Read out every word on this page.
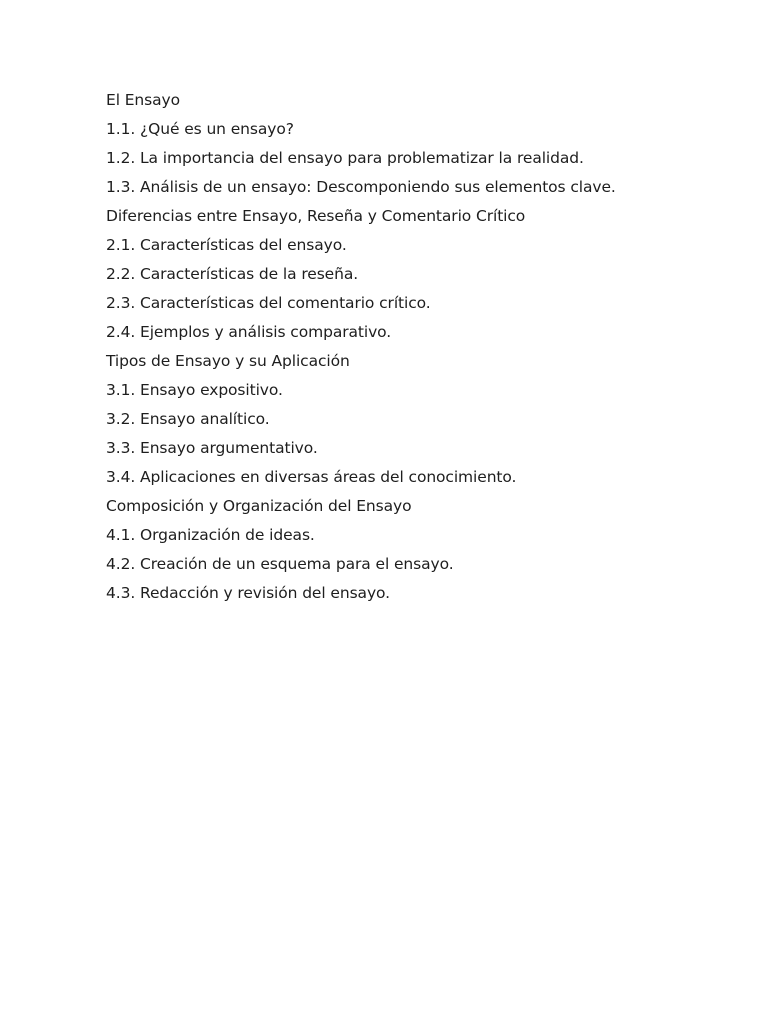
El Ensayo
1.1. ¿Qué es un ensayo?
1.2. La importancia del ensayo para problematizar la realidad.
1.3. Análisis de un ensayo: Descomponiendo sus elementos clave.
Diferencias entre Ensayo, Reseña y Comentario Crítico
2.1. Características del ensayo.
2.2. Características de la reseña.
2.3. Características del comentario crítico.
2.4. Ejemplos y análisis comparativo.
Tipos de Ensayo y su Aplicación
3.1. Ensayo expositivo.
3.2. Ensayo analítico.
3.3. Ensayo argumentativo.
3.4. Aplicaciones en diversas áreas del conocimiento.
Composición y Organización del Ensayo
4.1. Organización de ideas.
4.2. Creación de un esquema para el ensayo.
4.3. Redacción y revisión del ensayo.
